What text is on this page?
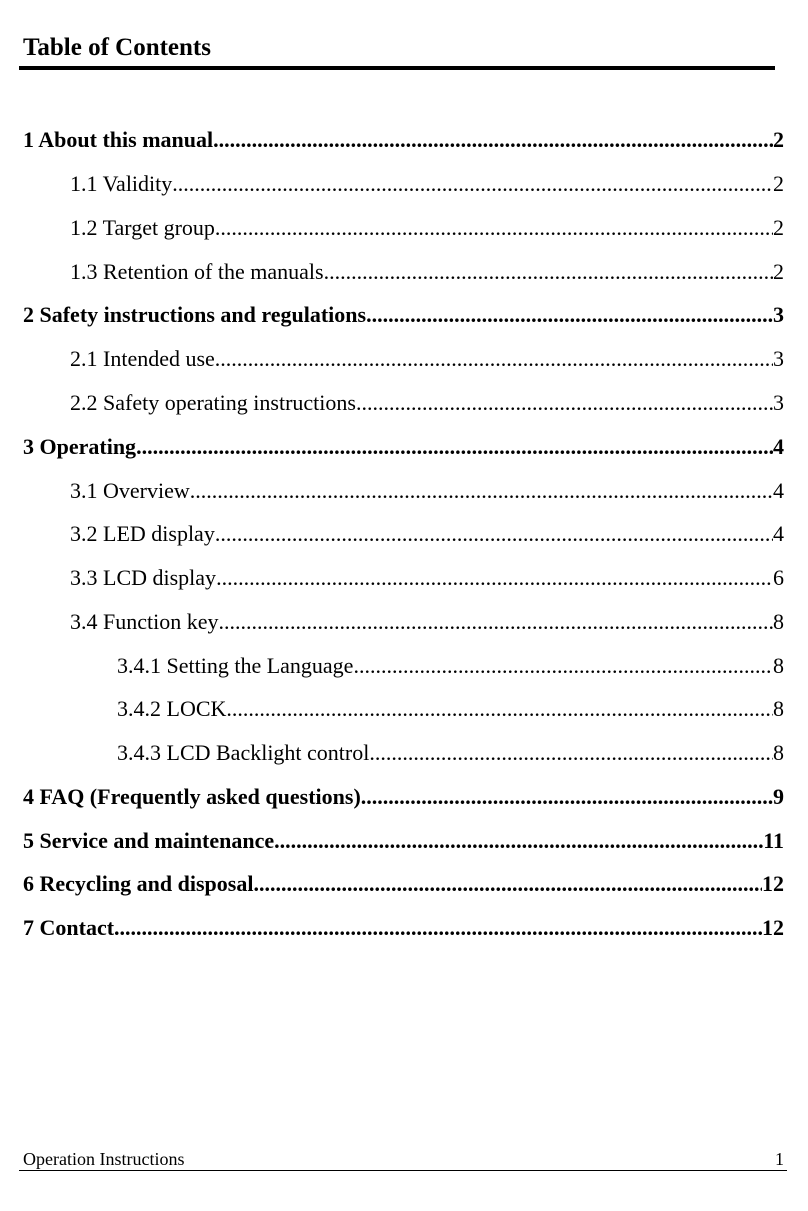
Table of Contents
1 About this manual .....	2
1.1 Validity .....	2
1.2 Target group .....	2
1.3 Retention of the manuals .....	2
2 Safety instructions and regulations .....	3
2.1 Intended use .....	3
2.2 Safety operating instructions .....	3
3 Operating .....	4
3.1 Overview .....	4
3.2 LED display .....	4
3.3 LCD display .....	6
3.4 Function key .....	8
3.4.1 Setting the Language .....	8
3.4.2 LOCK .....	8
3.4.3 LCD Backlight control .....	8
4 FAQ (Frequently asked questions) .....	9
5 Service and maintenance .....	11
6 Recycling and disposal .....	12
7 Contact .....	12
Operation Instructions	1
